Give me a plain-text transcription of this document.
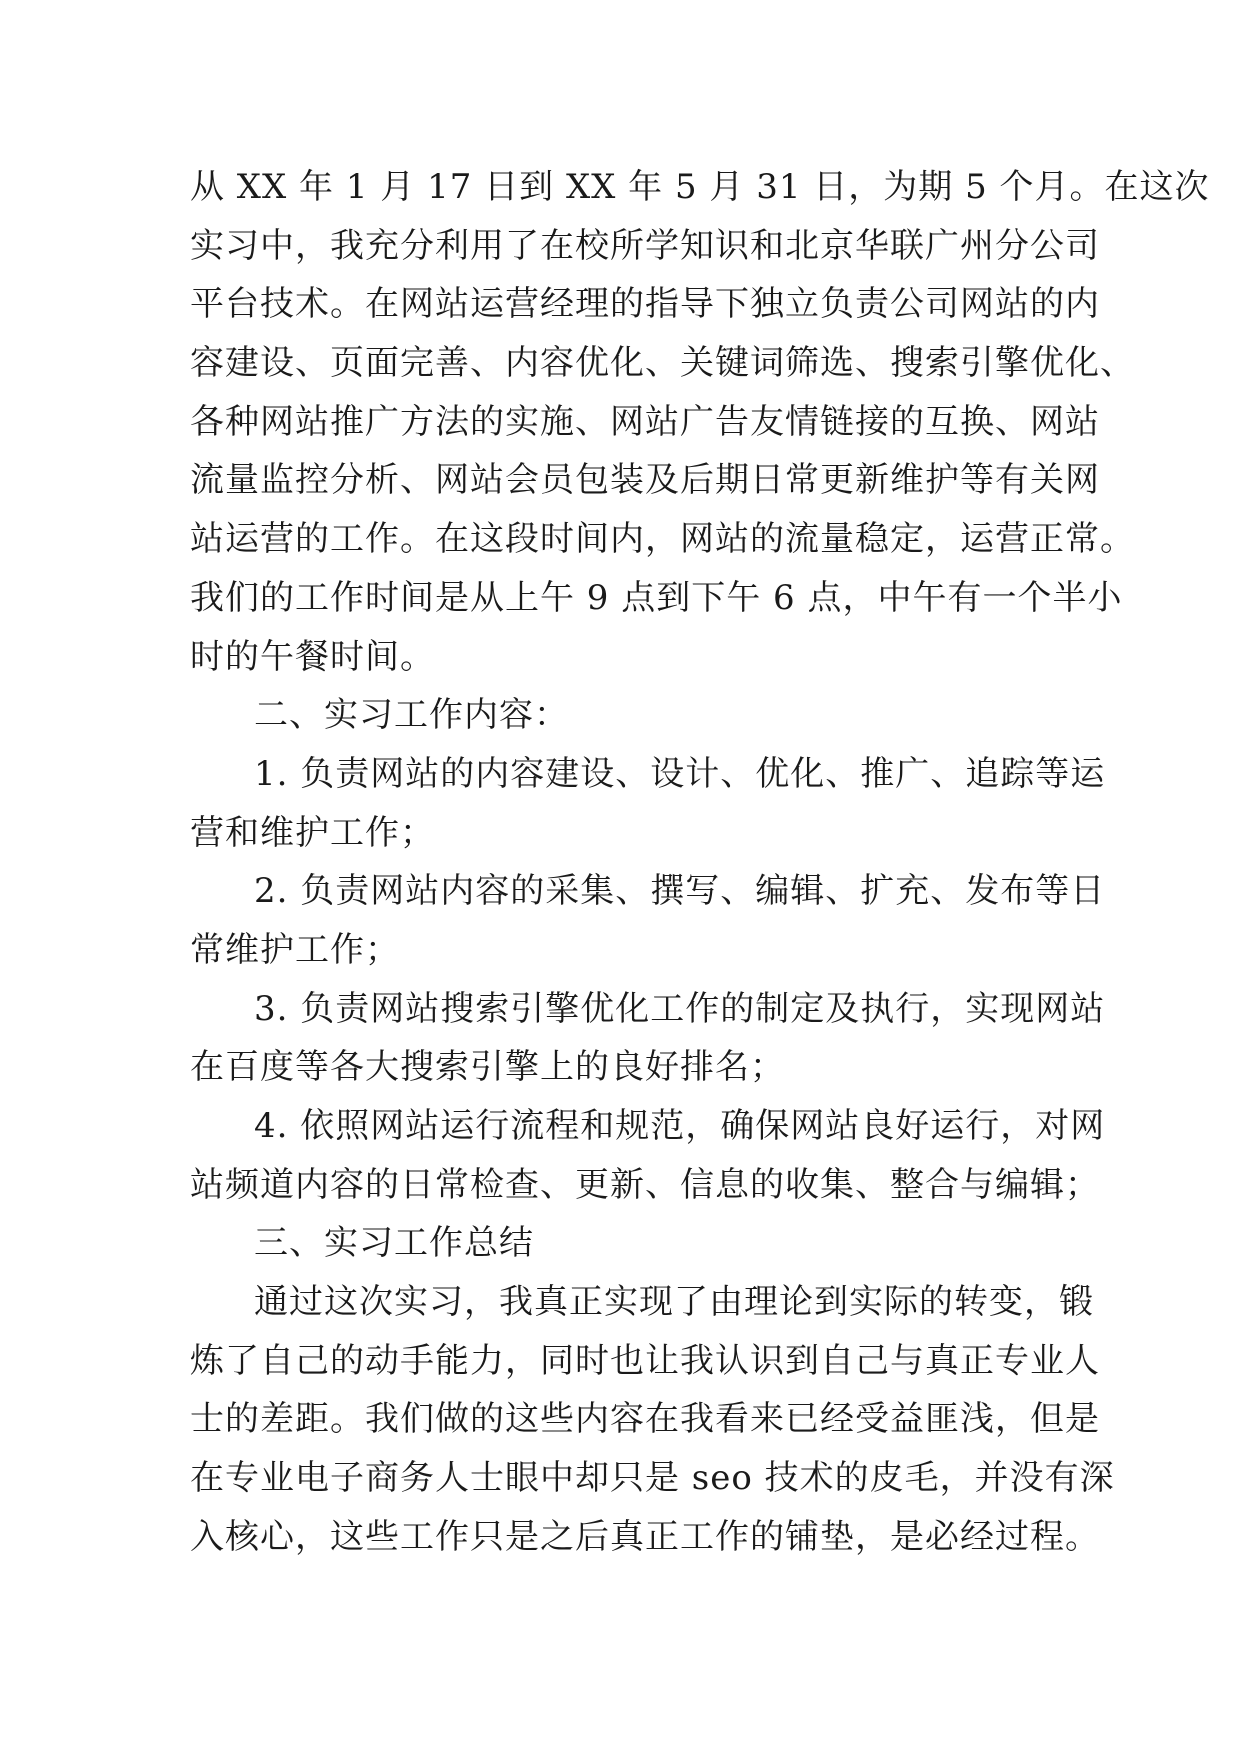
从 XX 年 1 月 17 日到 XX 年 5 月 31 日，为期 5 个月。在这次
实习中，我充分利用了在校所学知识和北京华联广州分公司
平台技术。在网站运营经理的指导下独立负责公司网站的内
容建设、页面完善、内容优化、关键词筛选、搜索引擎优化、
各种网站推广方法的实施、网站广告友情链接的互换、网站
流量监控分析、网站会员包装及后期日常更新维护等有关网
站运营的工作。在这段时间内，网站的流量稳定，运营正常。
我们的工作时间是从上午 9 点到下午 6 点，中午有一个半小
时的午餐时间。
二、实习工作内容：
1. 负责网站的内容建设、设计、优化、推广、追踪等运
营和维护工作；
2. 负责网站内容的采集、撰写、编辑、扩充、发布等日
常维护工作；
3. 负责网站搜索引擎优化工作的制定及执行，实现网站
在百度等各大搜索引擎上的良好排名；
4. 依照网站运行流程和规范，确保网站良好运行，对网
站频道内容的日常检查、更新、信息的收集、整合与编辑；
三、实习工作总结
通过这次实习，我真正实现了由理论到实际的转变，锻
炼了自己的动手能力，同时也让我认识到自己与真正专业人
士的差距。我们做的这些内容在我看来已经受益匪浅，但是
在专业电子商务人士眼中却只是 seo 技术的皮毛，并没有深
入核心，这些工作只是之后真正工作的铺垫，是必经过程。
